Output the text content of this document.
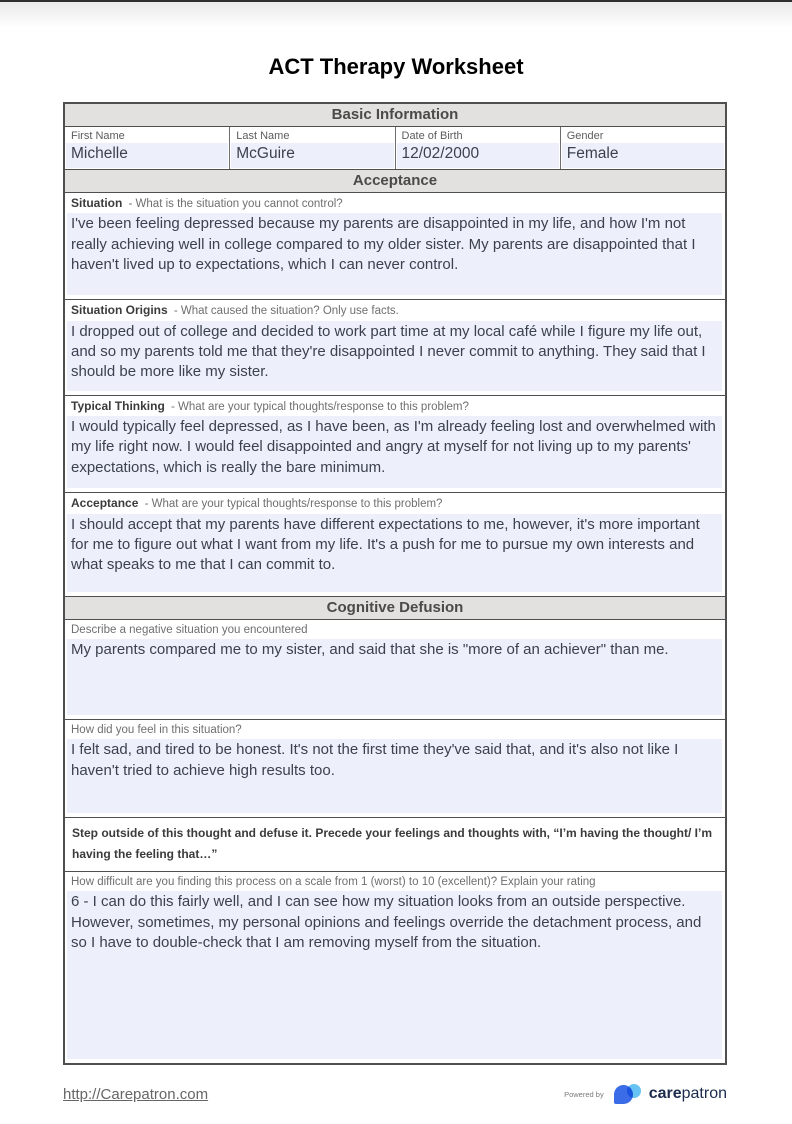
ACT Therapy Worksheet
Basic Information
First Name
Michelle
Last Name
McGuire
Date of Birth
12/02/2000
Gender
Female
Acceptance
Situation - What is the situation you cannot control?
I've been feeling depressed because my parents are disappointed in my life, and how I'm not really achieving well in college compared to my older sister. My parents are disappointed that I haven't lived up to expectations, which I can never control.
Situation Origins - What caused the situation? Only use facts.
I dropped out of college and decided to work part time at my local café while I figure my life out, and so my parents told me that they're disappointed I never commit to anything. They said that I should be more like my sister.
Typical Thinking - What are your typical thoughts/response to this problem?
I would typically feel depressed, as I have been, as I'm already feeling lost and overwhelmed with my life right now. I would feel disappointed and angry at myself for not living up to my parents' expectations, which is really the bare minimum.
Acceptance - What are your typical thoughts/response to this problem?
I should accept that my parents have different expectations to me, however, it's more important for me to figure out what I want from my life. It's a push for me to pursue my own interests and what speaks to me that I can commit to.
Cognitive Defusion
Describe a negative situation you encountered
My parents compared me to my sister, and said that she is "more of an achiever" than me.
How did you feel in this situation?
I felt sad, and tired to be honest. It's not the first time they've said that, and it's also not like I haven't tried to achieve high results too.
Step outside of this thought and defuse it. Precede your feelings and thoughts with, “I’m having the thought/ I’m having the feeling that…”
How difficult are you finding this process on a scale from 1 (worst) to 10 (excellent)? Explain your rating
6 - I can do this fairly well, and I can see how my situation looks from an outside perspective. However, sometimes, my personal opinions and feelings override the detachment process, and so I have to double-check that I am removing myself from the situation.
http://Carepatron.com	Powered by	carepatron
